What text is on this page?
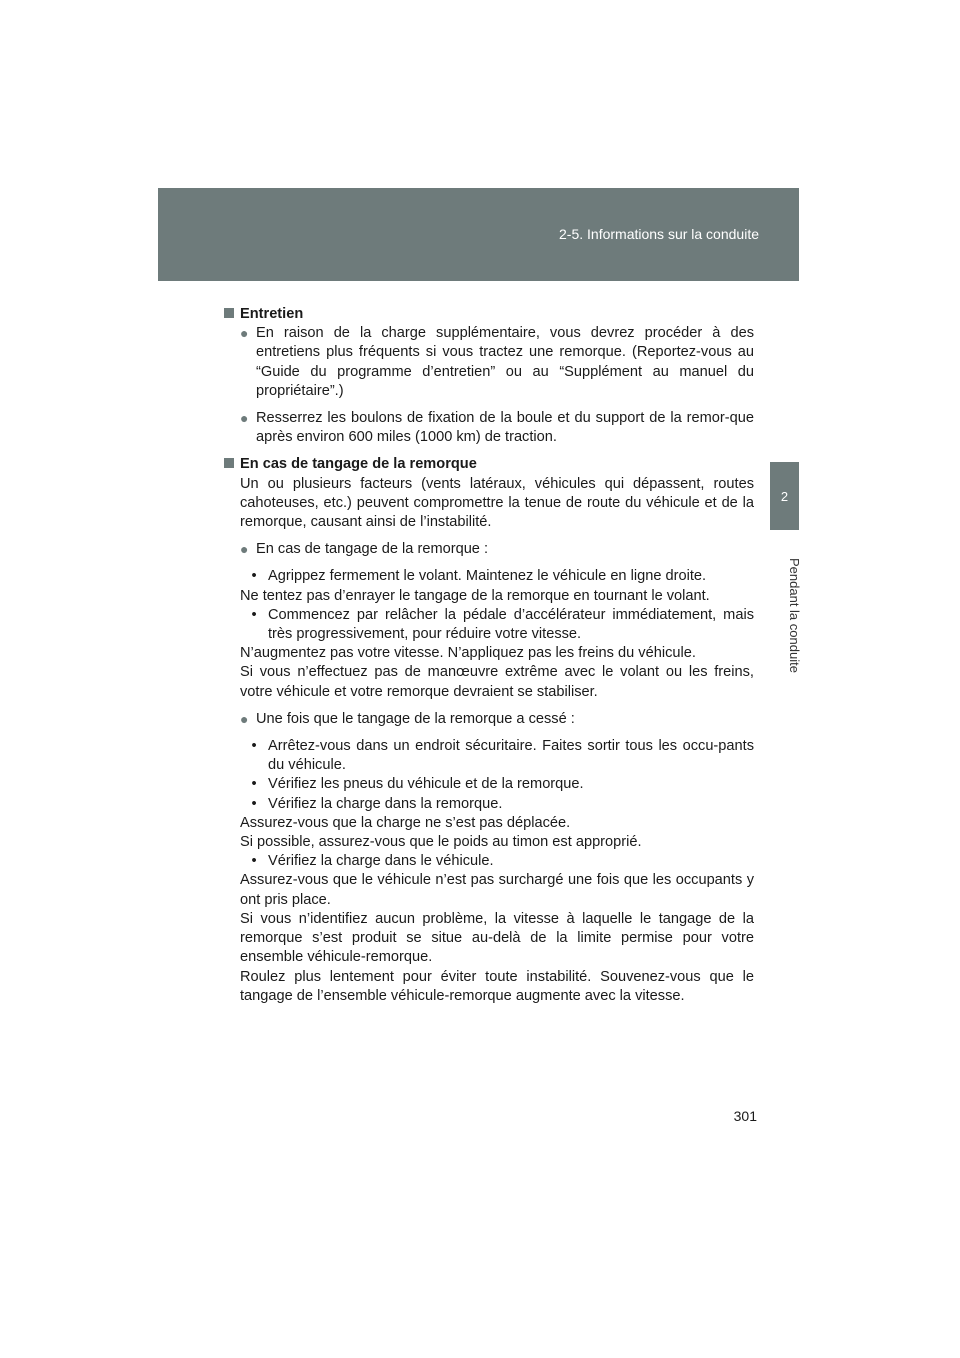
2-5. Informations sur la conduite
2
Pendant la conduite

Entretien

● En raison de la charge supplémentaire, vous devrez procéder à des entretiens plus fréquents si vous tractez une remorque. (Reportez-vous au “Guide du programme d’entretien” ou au “Supplément au manuel du propriétaire”.)
● Resserrez les boulons de fixation de la boule et du support de la remor-que après environ 600 miles (1000 km) de traction.

En cas de tangage de la remorque

Un ou plusieurs facteurs (vents latéraux, véhicules qui dépassent, routes cahoteuses, etc.) peuvent compromettre la tenue de route du véhicule et de la remorque, causant ainsi de l’instabilité.

● En cas de tangage de la remorque :
• Agrippez fermement le volant. Maintenez le véhicule en ligne droite.

Ne tentez pas d’enrayer le tangage de la remorque en tournant le volant.

• Commencez par relâcher la pédale d’accélérateur immédiatement, mais très progressivement, pour réduire votre vitesse.

N’augmentez pas votre vitesse. N’appliquez pas les freins du véhicule.

Si vous n’effectuez pas de manœuvre extrême avec le volant ou les freins, votre véhicule et votre remorque devraient se stabiliser.

● Une fois que le tangage de la remorque a cessé :
• Arrêtez-vous dans un endroit sécuritaire. Faites sortir tous les occu-pants du véhicule.
• Vérifiez les pneus du véhicule et de la remorque.
• Vérifiez la charge dans la remorque.

Assurez-vous que la charge ne s’est pas déplacée.

Si possible, assurez-vous que le poids au timon est approprié.

• Vérifiez la charge dans le véhicule.

Assurez-vous que le véhicule n’est pas surchargé une fois que les occupants y ont pris place.

Si vous n’identifiez aucun problème, la vitesse à laquelle le tangage de la remorque s’est produit se situe au-delà de la limite permise pour votre ensemble véhicule-remorque.

Roulez plus lentement pour éviter toute instabilité. Souvenez-vous que le tangage de l’ensemble véhicule-remorque augmente avec la vitesse.

301
